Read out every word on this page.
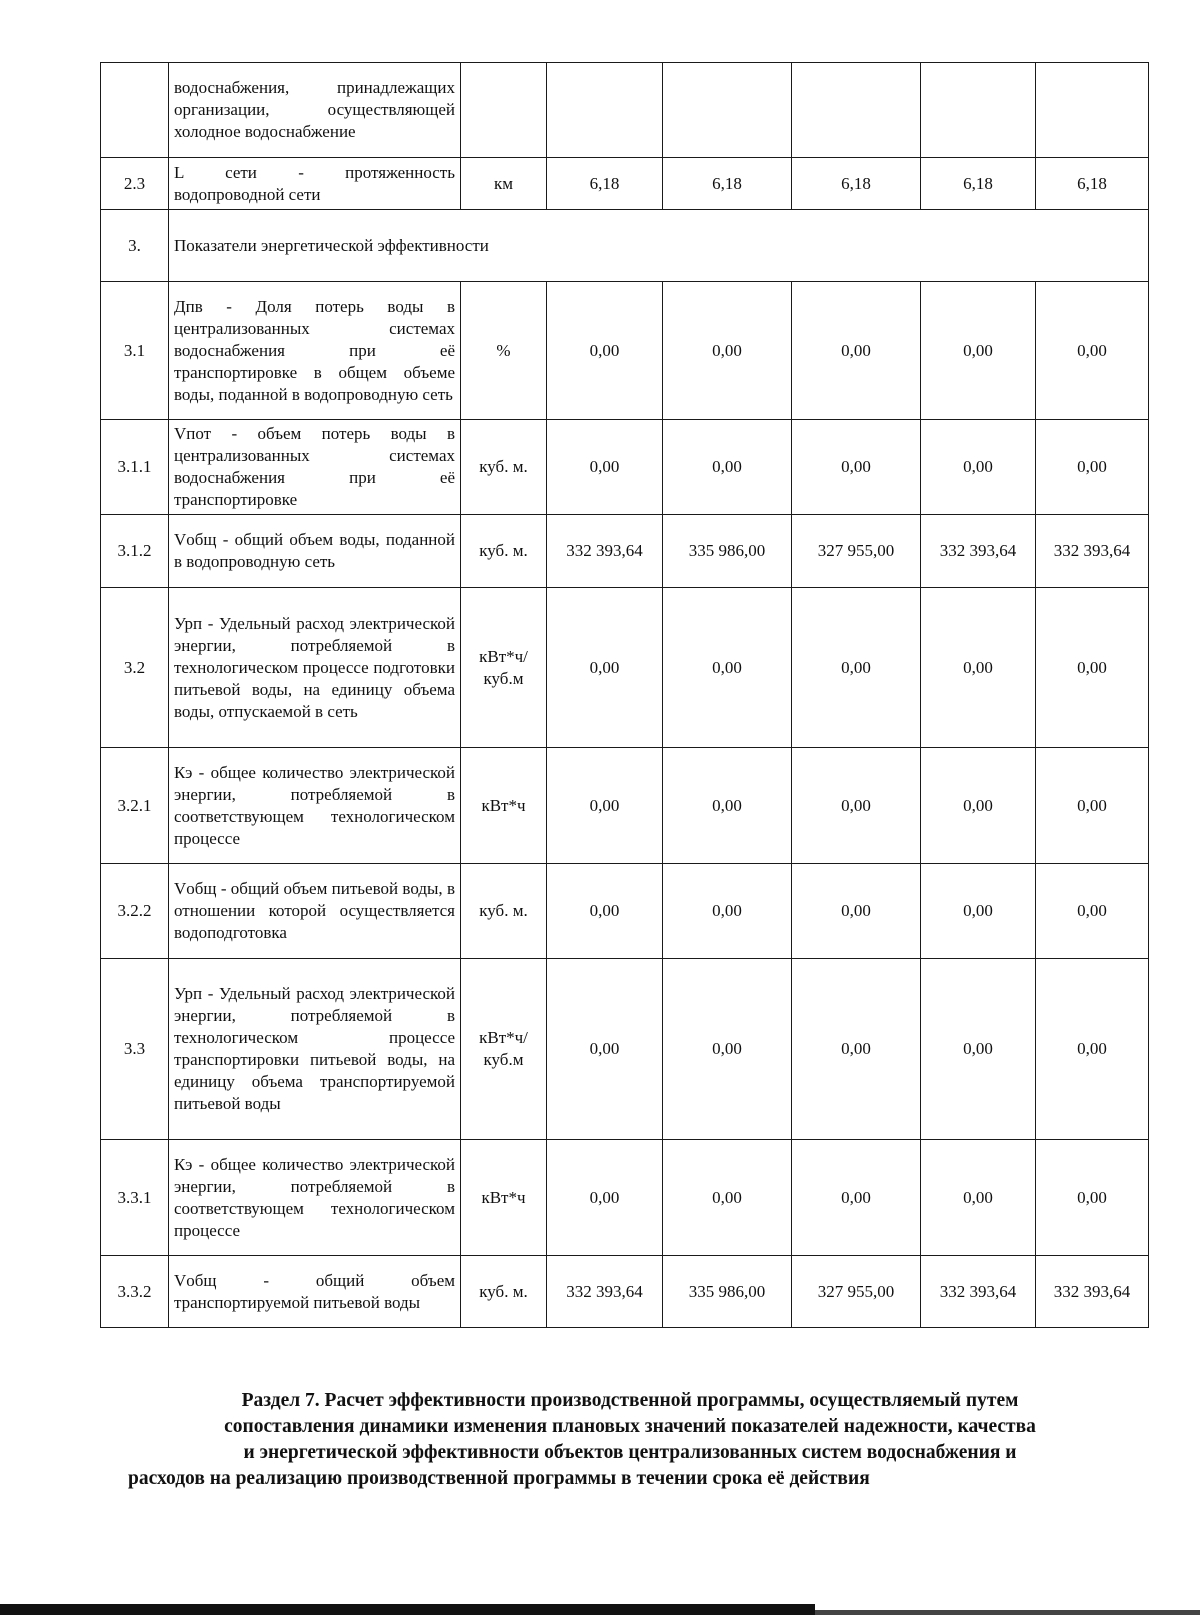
	водоснабжения, принадлежащих организации, осуществляющей холодное водоснабжение						
2.3	L сети - протяженность водопроводной сети	км	6,18	6,18	6,18	6,18	6,18
3.	Показатели энергетической эффективности						
3.1	Дпв - Доля потерь воды в централизованных системах водоснабжения при её транспортировке в общем объеме воды, поданной в водопроводную сеть	%	0,00	0,00	0,00	0,00	0,00
3.1.1	Vпот - объем потерь воды в централизованных системах водоснабжения при её транспортировке	куб. м.	0,00	0,00	0,00	0,00	0,00
3.1.2	Vобщ - общий объем воды, поданной в водопроводную сеть	куб. м.	332 393,64	335 986,00	327 955,00	332 393,64	332 393,64
3.2	Урп - Удельный расход электрической энергии, потребляемой в технологическом процессе подготовки питьевой воды, на единицу объема воды, отпускаемой в сеть	кВт*ч/ куб.м	0,00	0,00	0,00	0,00	0,00
3.2.1	Кэ - общее количество электрической энергии, потребляемой в соответствующем технологическом процессе	кВт*ч	0,00	0,00	0,00	0,00	0,00
3.2.2	Vобщ - общий объем питьевой воды, в отношении которой осуществляется водоподготовка	куб. м.	0,00	0,00	0,00	0,00	0,00
3.3	Урп - Удельный расход электрической энергии, потребляемой в технологическом процессе транспортировки питьевой воды, на единицу объема транспортируемой питьевой воды	кВт*ч/ куб.м	0,00	0,00	0,00	0,00	0,00
3.3.1	Кэ - общее количество электрической энергии, потребляемой в соответствующем технологическом процессе	кВт*ч	0,00	0,00	0,00	0,00	0,00
3.3.2	Vобщ - общий объем транспортируемой питьевой воды	куб. м.	332 393,64	335 986,00	327 955,00	332 393,64	332 393,64
Раздел 7. Расчет эффективности производственной программы, осуществляемый путем
сопоставления динамики изменения плановых значений показателей надежности, качества
и энергетической эффективности объектов централизованных систем водоснабжения и
расходов на реализацию производственной программы в течении срока её действия
